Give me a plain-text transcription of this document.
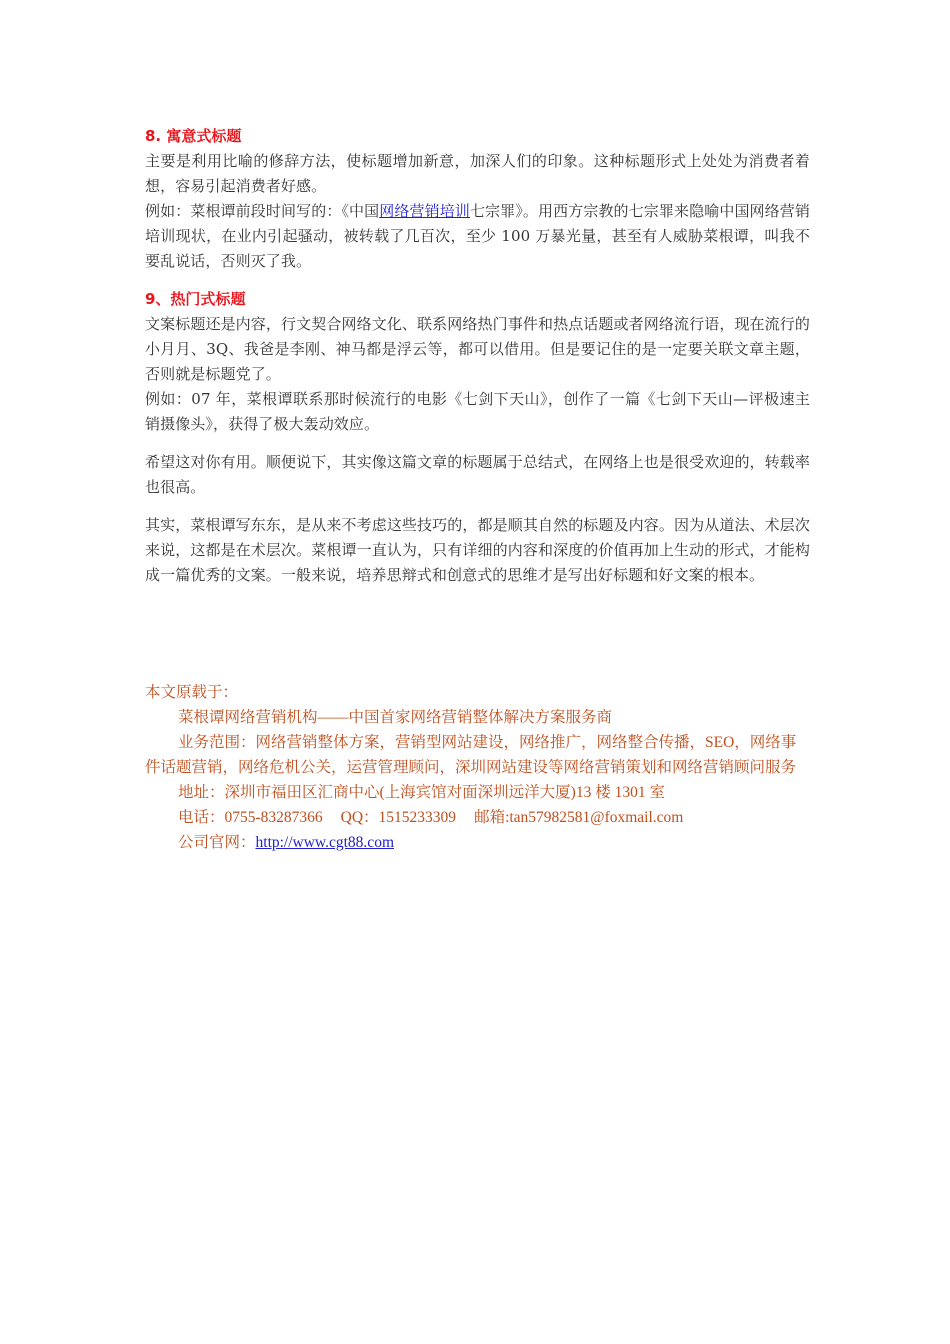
8. 寓意式标题

主要是利用比喻的修辞方法，使标题增加新意，加深人们的印象。这种标题形式上处处为消费者着想，容易引起消费者好感。

例如：菜根谭前段时间写的：《中国网络营销培训七宗罪》。用西方宗教的七宗罪来隐喻中国网络营销培训现状，在业内引起骚动，被转载了几百次，至少 100 万暴光量，甚至有人威胁菜根谭，叫我不要乱说话，否则灭了我。

9、热门式标题

文案标题还是内容，行文契合网络文化、联系网络热门事件和热点话题或者网络流行语，现在流行的小月月、3Q、我爸是李刚、神马都是浮云等，都可以借用。但是要记住的是一定要关联文章主题，否则就是标题党了。

例如：07 年，菜根谭联系那时候流行的电影《七剑下天山》，创作了一篇《七剑下天山—评极速主销摄像头》，获得了极大轰动效应。

希望这对你有用。顺便说下，其实像这篇文章的标题属于总结式，在网络上也是很受欢迎的，转载率也很高。

其实，菜根谭写东东，是从来不考虑这些技巧的，都是顺其自然的标题及内容。因为从道法、术层次来说，这都是在术层次。菜根谭一直认为，只有详细的内容和深度的价值再加上生动的形式，才能构成一篇优秀的文案。一般来说，培养思辩式和创意式的思维才是写出好标题和好文案的根本。

本文原载于：

菜根谭网络营销机构——中国首家网络营销整体解决方案服务商

业务范围：网络营销整体方案，营销型网站建设，网络推广，网络整合传播，SEO，网络事件话题营销，网络危机公关，运营管理顾问，深圳网站建设等网络营销策划和网络营销顾问服务

地址：深圳市福田区汇商中心(上海宾馆对面深圳远洋大厦)13 楼 1301 室

电话：0755-83287366 QQ：1515233309 邮箱:tan57982581@foxmail.com

公司官网：http://www.cgt88.com
